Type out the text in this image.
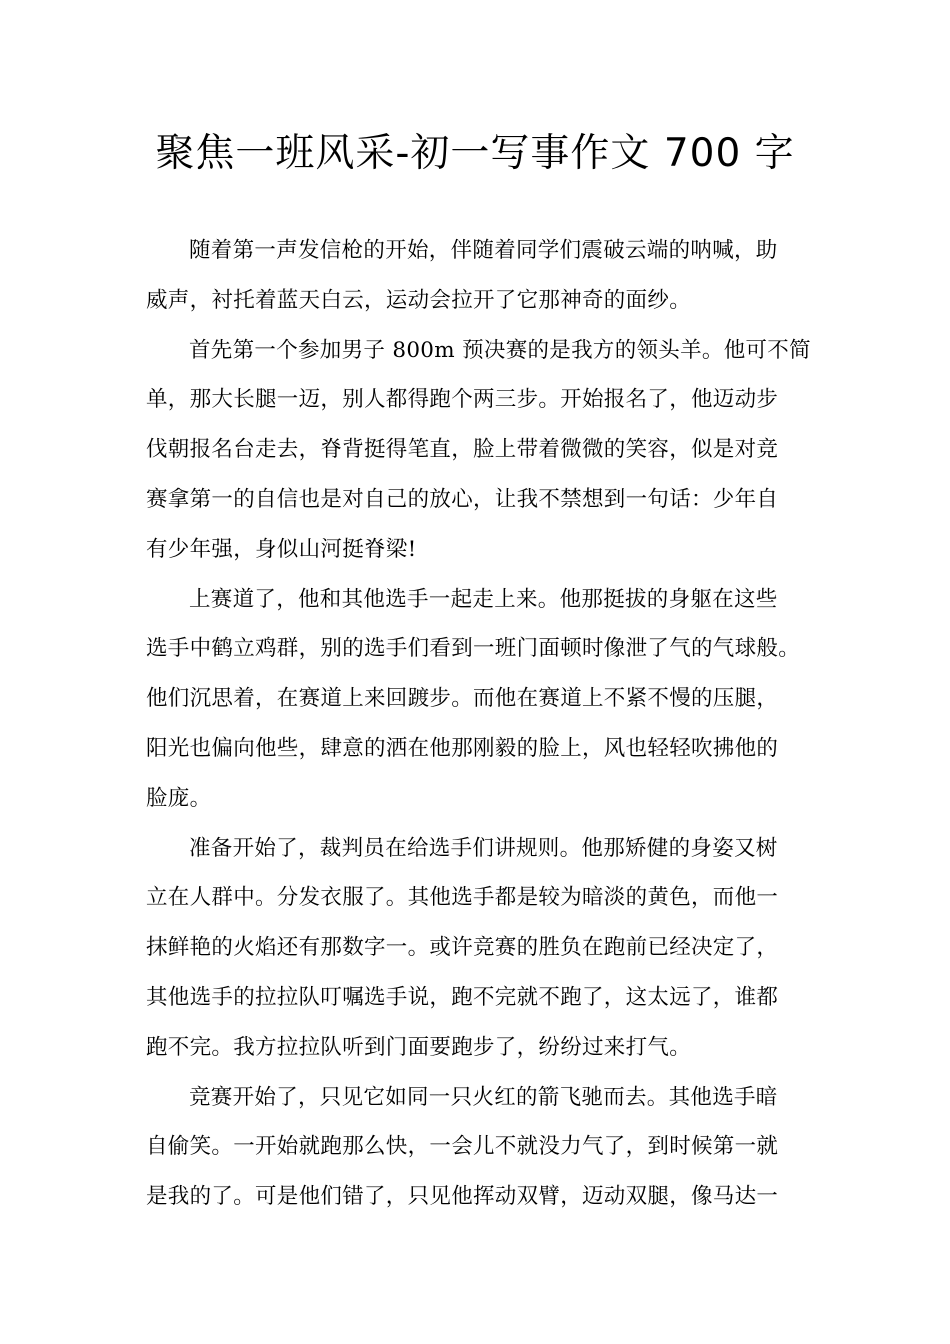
聚焦一班风采-初一写事作文 700 字

随着第一声发信枪的开始，伴随着同学们震破云端的呐喊，助
威声，衬托着蓝天白云，运动会拉开了它那神奇的面纱。

首先第一个参加男子 800m 预决赛的是我方的领头羊。他可不简
单，那大长腿一迈，别人都得跑个两三步。开始报名了，他迈动步
伐朝报名台走去，脊背挺得笔直，脸上带着微微的笑容，似是对竞
赛拿第一的自信也是对自己的放心，让我不禁想到一句话：少年自
有少年强，身似山河挺脊梁!

上赛道了，他和其他选手一起走上来。他那挺拔的身躯在这些
选手中鹤立鸡群，别的选手们看到一班门面顿时像泄了气的气球般。
他们沉思着，在赛道上来回踱步。而他在赛道上不紧不慢的压腿，
阳光也偏向他些，肆意的洒在他那刚毅的脸上，风也轻轻吹拂他的
脸庞。

准备开始了，裁判员在给选手们讲规则。他那矫健的身姿又树
立在人群中。分发衣服了。其他选手都是较为暗淡的黄色，而他一
抹鲜艳的火焰还有那数字一。或许竞赛的胜负在跑前已经决定了，
其他选手的拉拉队叮嘱选手说，跑不完就不跑了，这太远了，谁都
跑不完。我方拉拉队听到门面要跑步了，纷纷过来打气。

竞赛开始了，只见它如同一只火红的箭飞驰而去。其他选手暗
自偷笑。一开始就跑那么快，一会儿不就没力气了，到时候第一就
是我的了。可是他们错了，只见他挥动双臂，迈动双腿，像马达一
